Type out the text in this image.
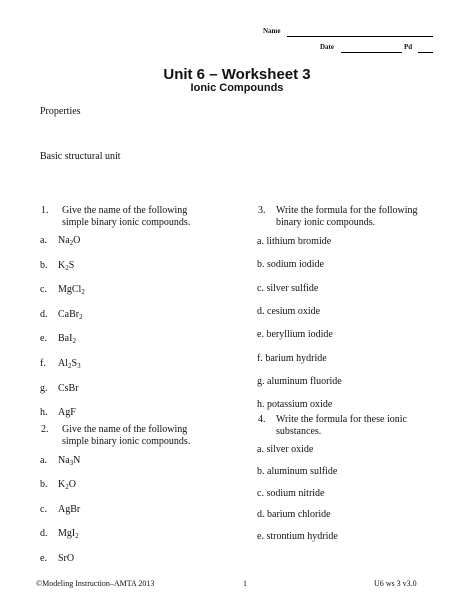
Name
Date	Pd
Unit 6 – Worksheet 3
Ionic Compounds
Properties
Basic structural unit
1. Give the name of the following
simple binary ionic compounds.
a. $Na_2O$
b. $K_2S$
c. MgCl$_2$
d. CaBr$_2$
e. BaI$_2$
f. $Al_2S_3$
g. CsBr
h. AgF
2. Give the name of the following
simple binary ionic compounds.
a. $Na_3N$
b. $K_2O$
c. AgBr
d. MgI$_2$
e. SrO
3. Write the formula for the following
binary ionic compounds.
a. lithium bromide
b. sodium iodide
c. silver sulfide
d. cesium oxide
e. beryllium iodide
f. barium hydride
g. aluminum fluoride
h. potassium oxide
4. Write the formula for these ionic
substances.
a. silver oxide
b. aluminum sulfide
c. sodium nitride
d. barium chloride
e. strontium hydride
©Modeling Instruction–AMTA 2013	1	U6 ws 3 v3.0
